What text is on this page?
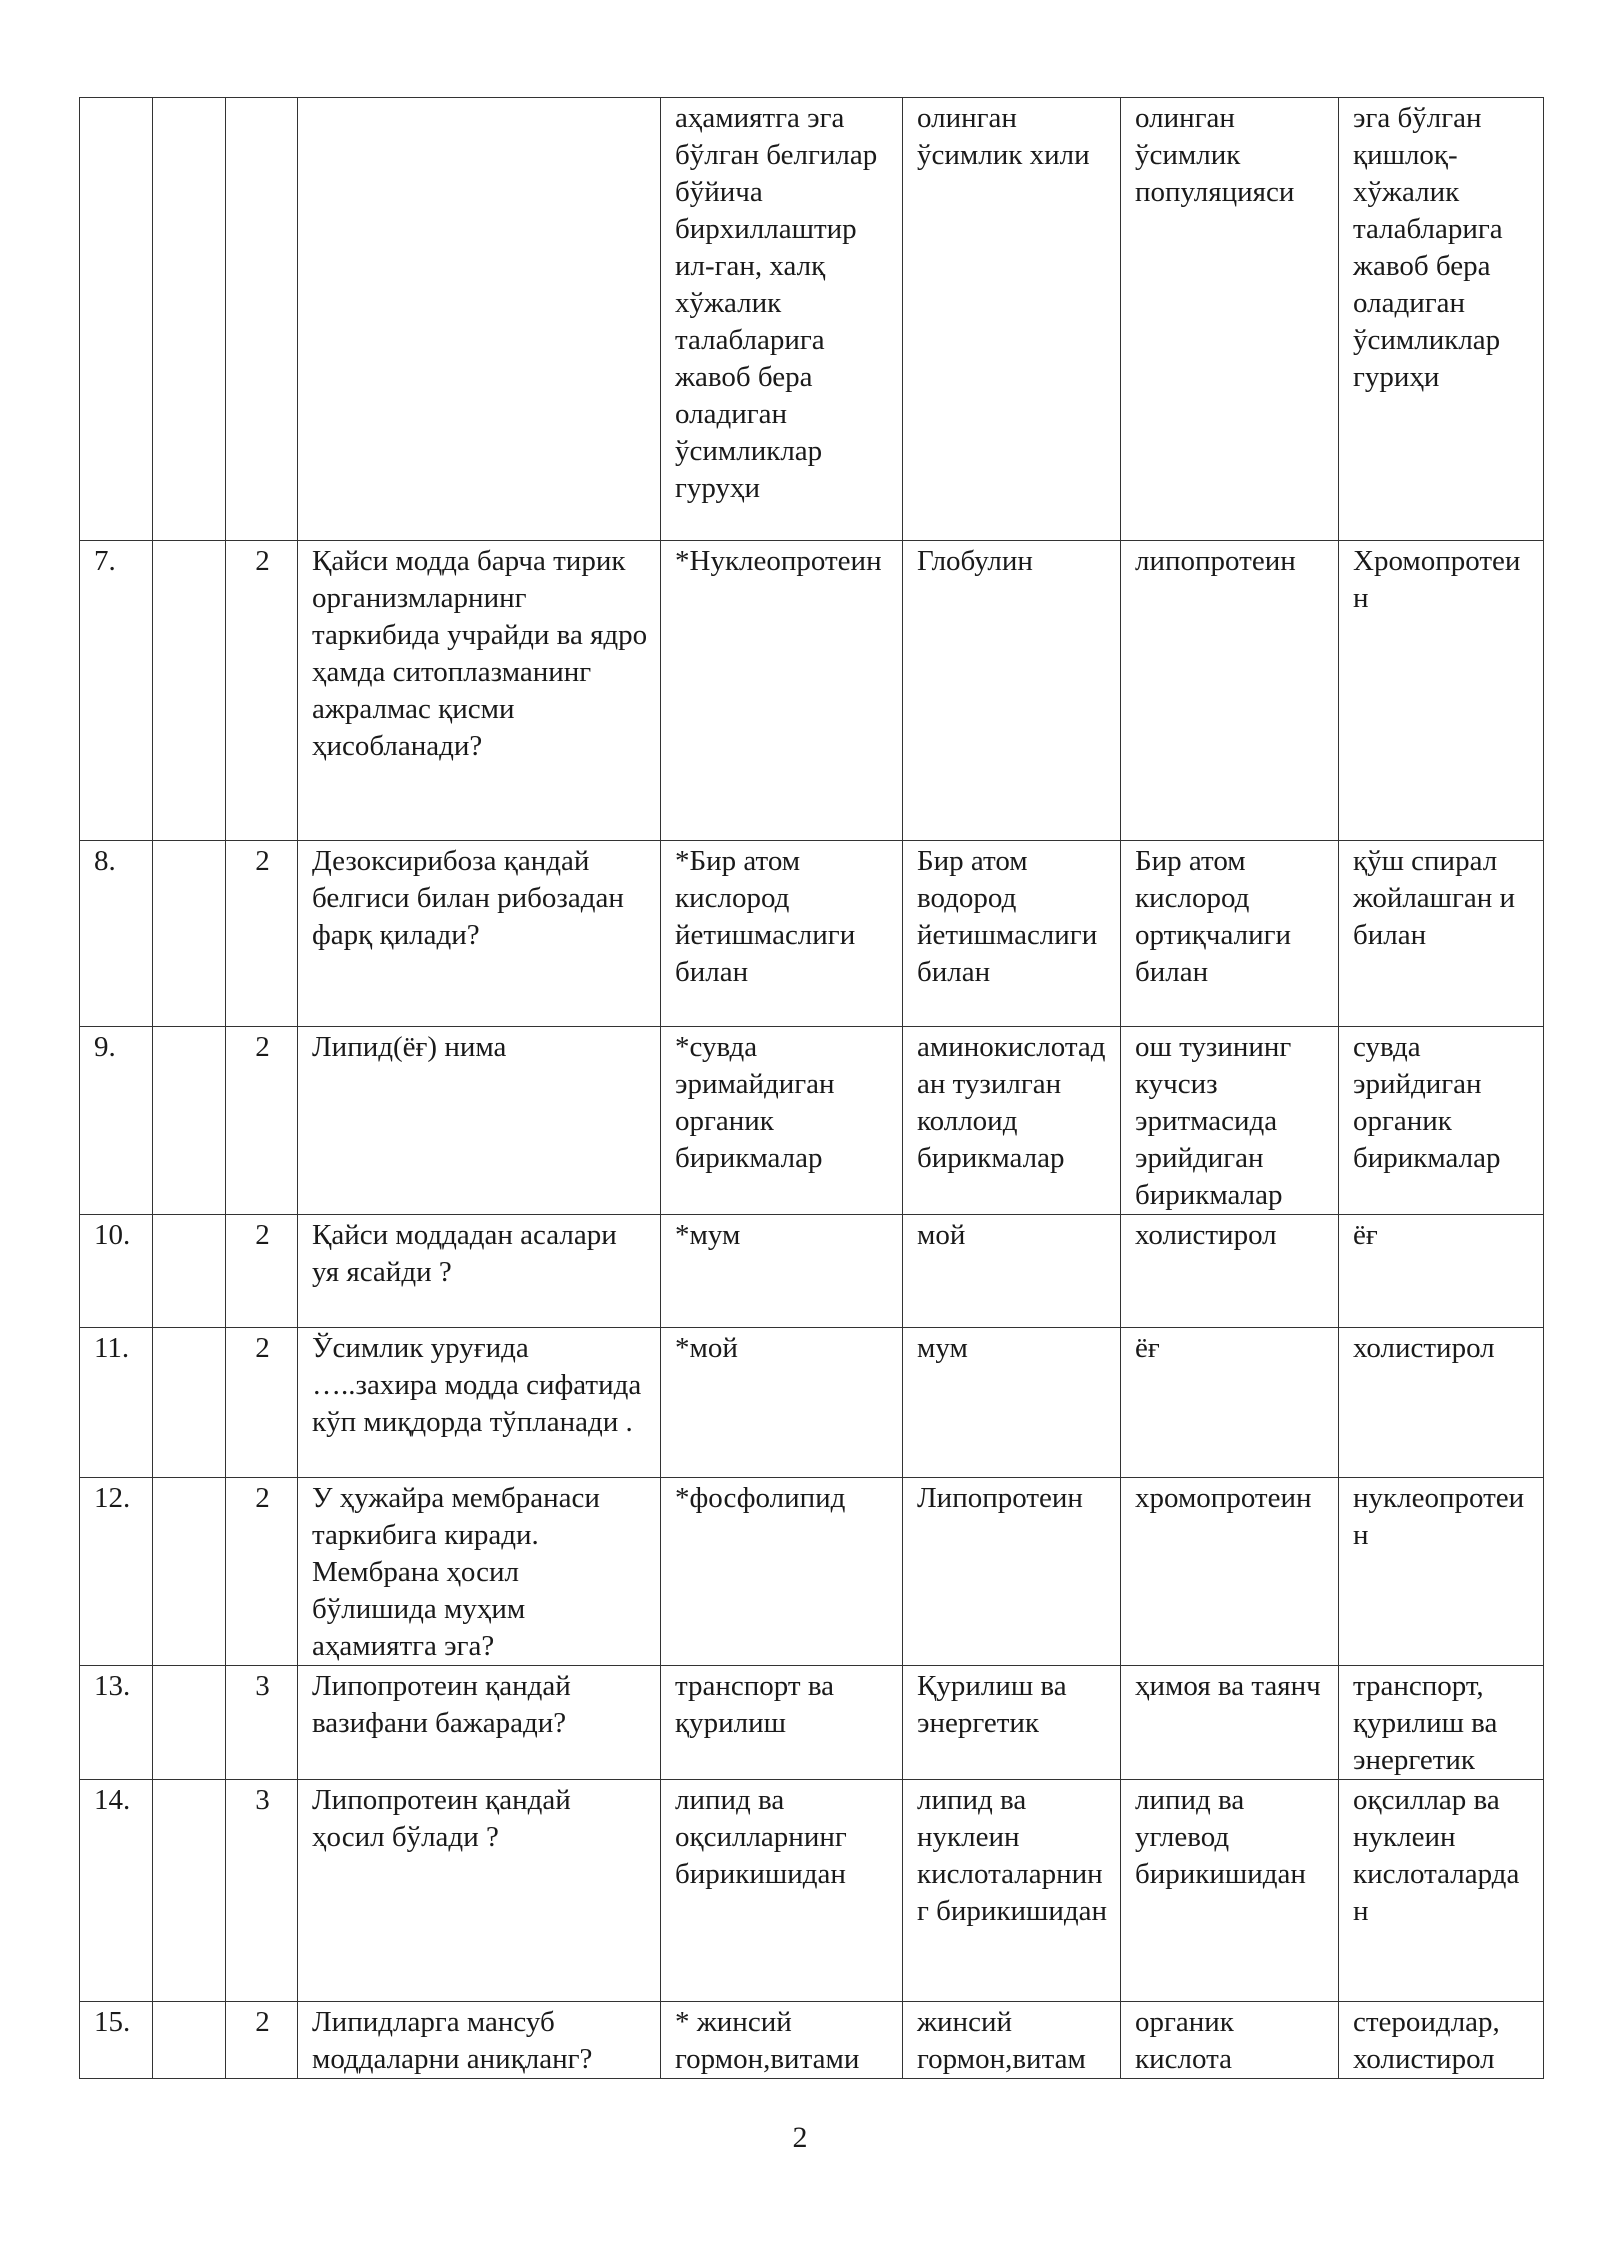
				аҳамиятга эга бўлган белгилар бўйича бирхиллаштир ил-ган, халқ хўжалик талабларига жавоб бера оладиган ўсимликлар гуруҳи	олинган ўсимлик хили	олинган ўсимлик популяцияси	эга бўлган қишлоқ-хўжалик талабларига жавоб бера оладиган ўсимликлар гуриҳи
7.		2	Қайси модда барча тирик организмларнинг таркибида учрайди ва ядро ҳамда ситоплазманинг ажралмас қисми ҳисобланади?	*Нуклеопротеин	Глобулин	липопротеин	Хромопротеин
8.		2	Дезоксирибоза қандай белгиси билан рибозадан фарқ қилади?	*Бир атом кислород йетишмаслиги билан	Бир атом водород йетишмаслиги билан	Бир атом кислород ортиқчалиги билан	қўш спирал жойлашган и билан
9.		2	Липид(ёғ) нима	*сувда эримайдиган органик бирикмалар	аминокислотадан тузилган коллоид бирикмалар	ош тузининг кучсиз эритмасида эрийдиган бирикмалар	сувда эрийдиган органик бирикмалар
10.		2	Қайси моддадан асалари уя ясайди ?	*мум	мой	холистирол	ёғ
11.		2	Ўсимлик уруғида …..захира модда сифатида кўп миқдорда тўпланади .	*мой	мум	ёғ	холистирол
12.		2	У ҳужайра мембранаси таркибига киради. Мембрана ҳосил бўлишида муҳим аҳамиятга эга?	*фосфолипид	Липопротеин	хромопротеин	нуклеопротеин
13.		3	Липопротеин қандай вазифани бажаради?	транспорт ва қурилиш	Қурилиш ва энергетик	ҳимоя ва таянч	транспорт, қурилиш ва энергетик
14.		3	Липопротеин қандай ҳосил бўлади ?	липид ва оқсилларнинг бирикишидан	липид ва нуклеин кислоталарнинг бирикишидан	липид ва углевод бирикишидан	оқсиллар ва нуклеин кислоталардан
15.		2	Липидларга мансуб моддаларни аниқланг?	* жинсий гормон,витами	жинсий гормон,витам	органик кислота	стероидлар, холистирол
2
